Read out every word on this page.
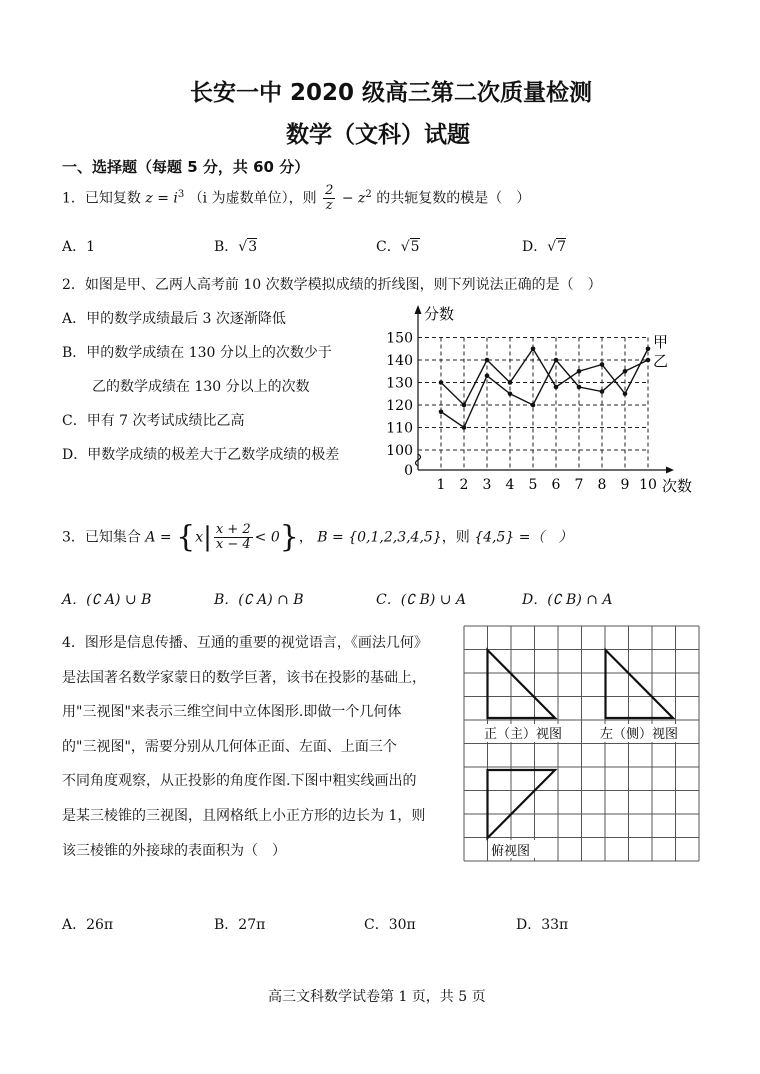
长安一中 2020 级高三第二次质量检测
数学（文科）试题
一、选择题（每题 5 分，共 60 分）
1．已知复数 $z = i^3$ （i 为虚数单位），则 $\frac{2}{z} - z^2$ 的共轭复数的模是（　）
A．1	B．√3	C．√5	D．√7
2．如图是甲、乙两人高考前 10 次数学模拟成绩的折线图，则下列说法正确的是（　）
A．甲的数学成绩最后 3 次逐渐降低
B．甲的数学成绩在 130 分以上的次数少于
乙的数学成绩在 130 分以上的次数
C．甲有 7 次考试成绩比乙高
D．甲数学成绩的极差大于乙数学成绩的极差
0
100
110
120
130
140
150
1 2 3 4 5 6 7 8 9 10
分数
次数
甲
乙
3．已知集合 $A = \{x| \frac{x + 2}{x - 4} < 0\}$， B = {0,1,2,3,4,5}，则 {4,5} =（　）
A．(∁ A) ∪ B	B．(∁ A) ∩ B	C．(∁ B) ∪ A	D．(∁ B) ∩ A
4．图形是信息传播、互通的重要的视觉语言，《画法几何》
是法国著名数学家蒙日的数学巨著，该书在投影的基础上，
用"三视图"来表示三维空间中立体图形.即做一个几何体
的"三视图"，需要分别从几何体正面、左面、上面三个
不同角度观察，从正投影的角度作图.下图中粗实线画出的
是某三棱锥的三视图，且网格纸上小正方形的边长为 1，则
该三棱锥的外接球的表面积为（　）
正（主）视图	左（侧）视图
俯视图
A．26π	B．27π	C．30π	D．33π
高三文科数学试卷第 1 页，共 5 页
